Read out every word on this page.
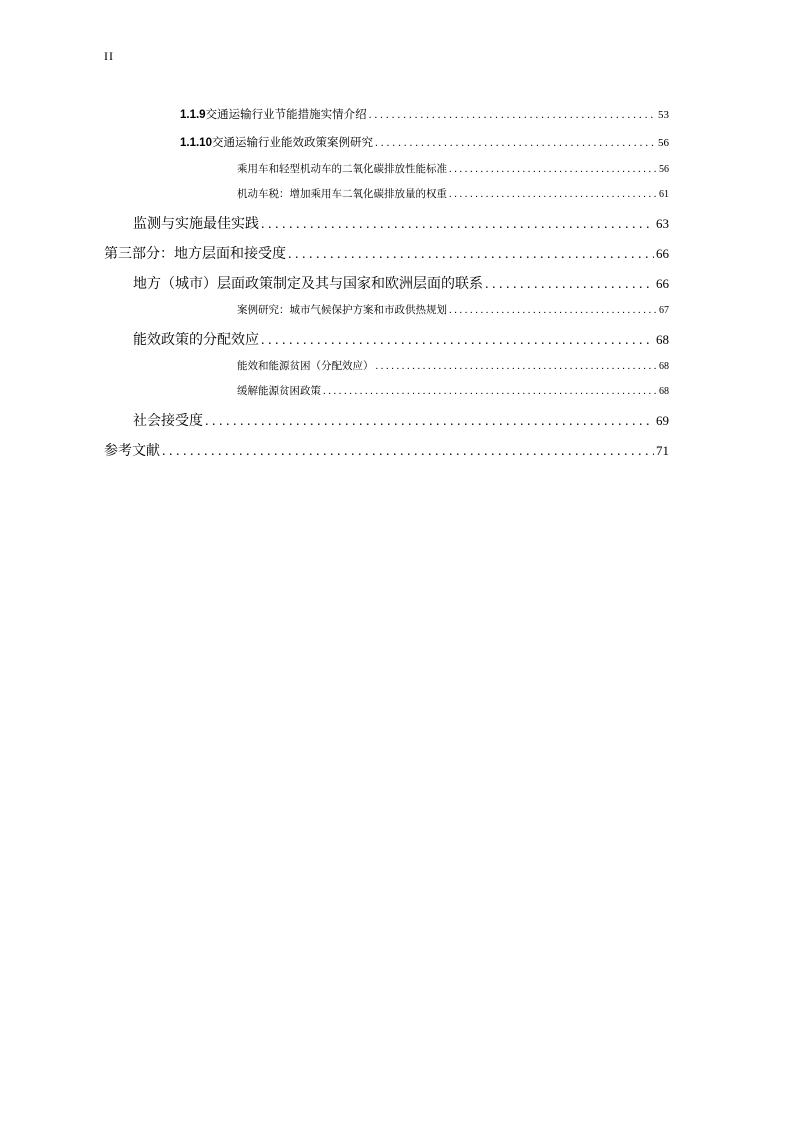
II
1.1.9 交通运输行业节能措施实情介绍 . . .	53
1.1.10 交通运输行业能效政策案例研究 . . .	56
乘用车和轻型机动车的二氧化碳排放性能标准 . . .	56
机动车税：增加乘用车二氧化碳排放量的权重 . . .	61
监测与实施最佳实践 . . .	63
第三部分：地方层面和接受度 . . .	66
地方（城市）层面政策制定及其与国家和欧洲层面的联系 . . .	66
案例研究：城市气候保护方案和市政供热规划 . . .	67
能效政策的分配效应 . . .	68
能效和能源贫困（分配效应） . . .	68
缓解能源贫困政策 . . .	68
社会接受度 . . .	69
参考文献 . . .	71
